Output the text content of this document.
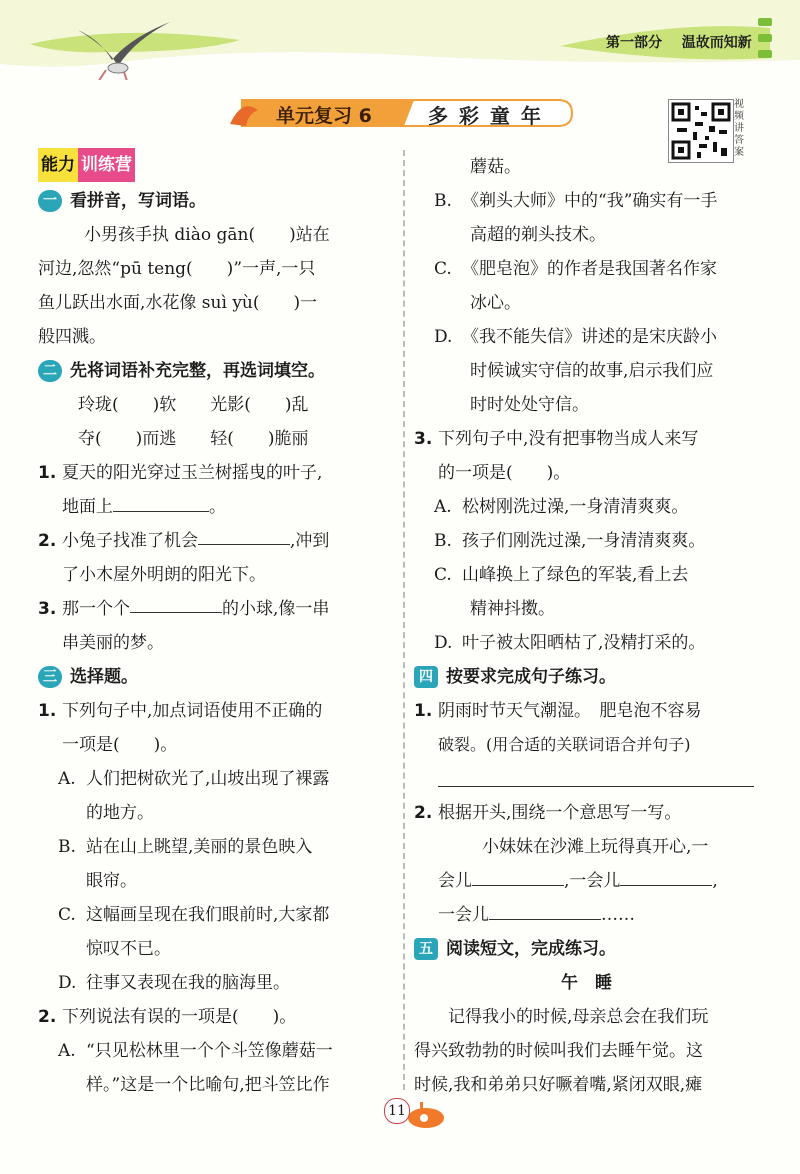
第一部分 温故而知新
单元复习 6	多 彩 童 年	视频讲答案
能力 训练营
一 看拼音，写词语。
小男孩手执 diào gān(　　)站在
河边,忽然“pū teng(　　)”一声,一只
鱼儿跃出水面,水花像 suì yù(　　)一
般四溅。
二 先将词语补充完整，再选词填空。
玲珑(　　)软　　光影(　　)乱
夺(　　)而逃　　轻(　　)脆丽
1. 夏天的阳光穿过玉兰树摇曳的叶子,
地面上	。
2. 小兔子找准了机会	,冲到
了小木屋外明朗的阳光下。
3. 那一个个	的小球,像一串
串美丽的梦。
三 选择题。
1. 下列句子中,加点词语使用不正确的
一项是(　　)。
A. 人们把树砍光了,山坡出现了裸露
的地方。
B. 站在山上眺望,美丽的景色映入
眼帘。
C. 这幅画呈现在我们眼前时,大家都
惊叹不已。
D. 往事又表现在我的脑海里。
2. 下列说法有误的一项是(　　)。
A. “只见松林里一个个斗笠像蘑菇一
样。”这是一个比喻句,把斗笠比作
蘑菇。
B. 《剃头大师》中的“我”确实有一手
高超的剃头技术。
C. 《肥皂泡》的作者是我国著名作家
冰心。
D. 《我不能失信》讲述的是宋庆龄小
时候诚实守信的故事,启示我们应
时时处处守信。
3. 下列句子中,没有把事物当成人来写
的一项是(　　)。
A. 松树刚洗过澡,一身清清爽爽。
B. 孩子们刚洗过澡,一身清清爽爽。
C. 山峰换上了绿色的军装,看上去
精神抖擞。
D. 叶子被太阳晒枯了,没精打采的。
四 按要求完成句子练习。
1. 阴雨时节天气潮湿。　肥皂泡不容易
破裂。(用合适的关联词语合并句子)
2. 根据开头,围绕一个意思写一写。
小妹妹在沙滩上玩得真开心,一
会儿	,一会儿	,
一会儿	……
五 阅读短文，完成练习。
午　睡
记得我小的时候,母亲总会在我们玩
得兴致勃勃的时候叫我们去睡午觉。这
时候,我和弟弟只好噘着嘴,紧闭双眼,瘫
11
